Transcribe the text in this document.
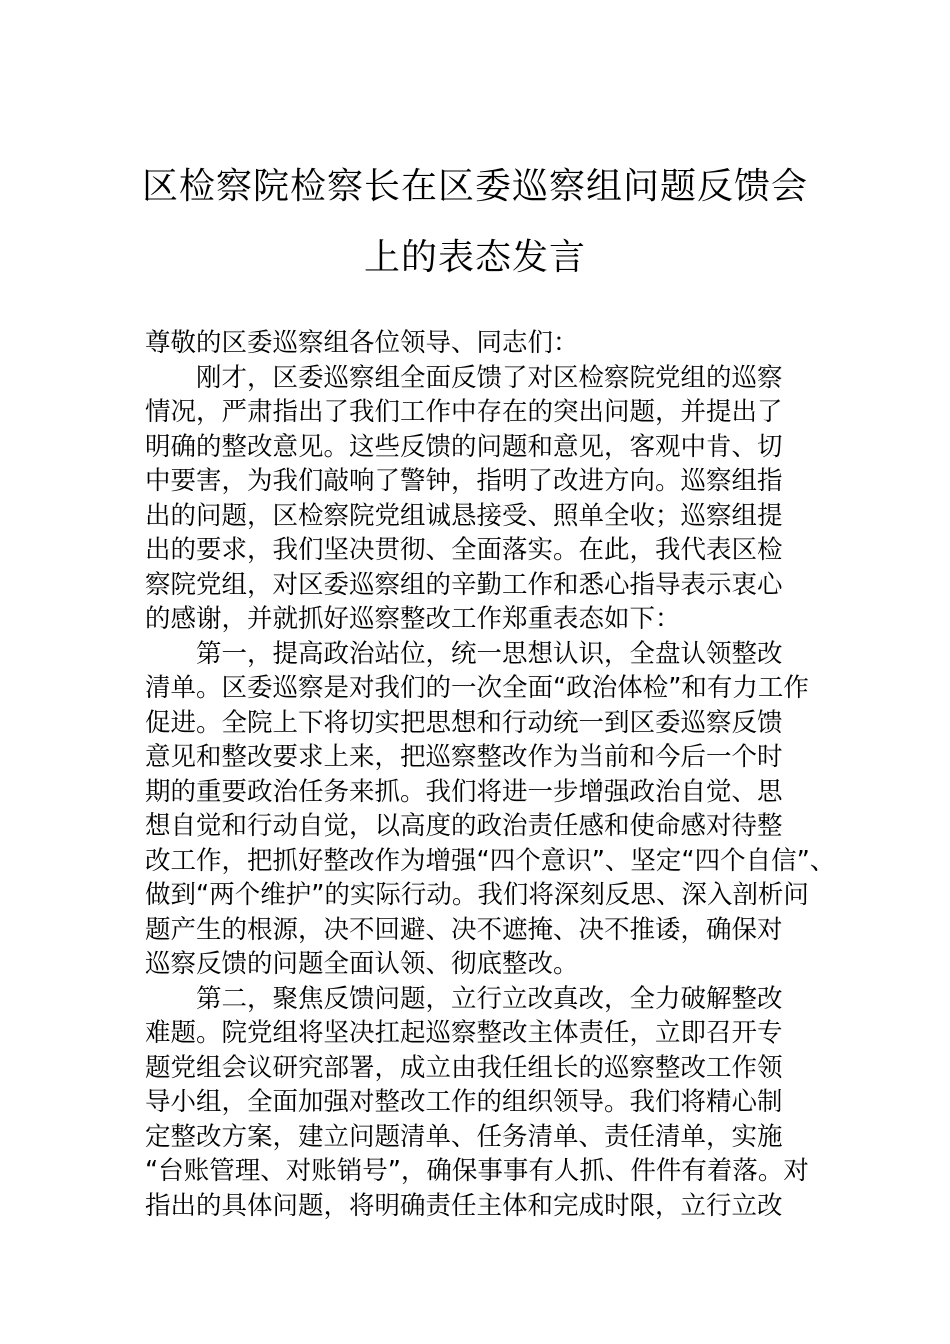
区检察院检察长在区委巡察组问题反馈会
上的表态发言
尊敬的区委巡察组各位领导、同志们：
刚才，区委巡察组全面反馈了对区检察院党组的巡察
情况，严肃指出了我们工作中存在的突出问题，并提出了
明确的整改意见。这些反馈的问题和意见，客观中肯、切
中要害，为我们敲响了警钟，指明了改进方向。巡察组指
出的问题，区检察院党组诚恳接受、照单全收；巡察组提
出的要求，我们坚决贯彻、全面落实。在此，我代表区检
察院党组，对区委巡察组的辛勤工作和悉心指导表示衷心
的感谢，并就抓好巡察整改工作郑重表态如下：
第一，提高政治站位，统一思想认识，全盘认领整改
清单。区委巡察是对我们的一次全面“政治体检”和有力工作
促进。全院上下将切实把思想和行动统一到区委巡察反馈
意见和整改要求上来，把巡察整改作为当前和今后一个时
期的重要政治任务来抓。我们将进一步增强政治自觉、思
想自觉和行动自觉，以高度的政治责任感和使命感对待整
改工作，把抓好整改作为增强“四个意识”、坚定“四个自信”、
做到“两个维护”的实际行动。我们将深刻反思、深入剖析问
题产生的根源，决不回避、决不遮掩、决不推诿，确保对
巡察反馈的问题全面认领、彻底整改。
第二，聚焦反馈问题，立行立改真改，全力破解整改
难题。院党组将坚决扛起巡察整改主体责任，立即召开专
题党组会议研究部署，成立由我任组长的巡察整改工作领
导小组，全面加强对整改工作的组织领导。我们将精心制
定整改方案，建立问题清单、任务清单、责任清单，实施
“台账管理、对账销号”，确保事事有人抓、件件有着落。对
指出的具体问题，将明确责任主体和完成时限，立行立改
